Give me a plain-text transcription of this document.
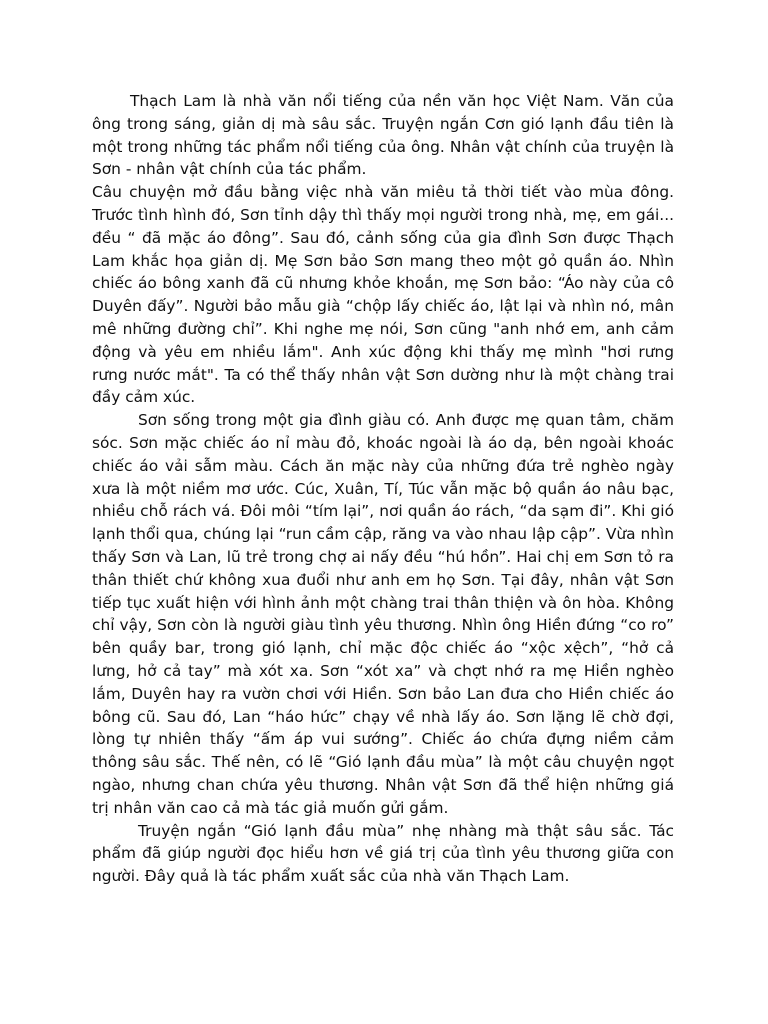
Thạch Lam là nhà văn nổi tiếng của nền văn học Việt Nam. Văn của ông trong sáng, giản dị mà sâu sắc. Truyện ngắn Cơn gió lạnh đầu tiên là một trong những tác phẩm nổi tiếng của ông. Nhân vật chính của truyện là Sơn - nhân vật chính của tác phẩm.

Câu chuyện mở đầu bằng việc nhà văn miêu tả thời tiết vào mùa đông. Trước tình hình đó, Sơn tỉnh dậy thì thấy mọi người trong nhà, mẹ, em gái... đều “ đã mặc áo đông”. Sau đó, cảnh sống của gia đình Sơn được Thạch Lam khắc họa giản dị. Mẹ Sơn bảo Sơn mang theo một gỏ quần áo. Nhìn chiếc áo bông xanh đã cũ nhưng khỏe khoắn, mẹ Sơn bảo: “Áo này của cô Duyên đấy”. Người bảo mẫu già “chộp lấy chiếc áo, lật lại và nhìn nó, mân mê những đường chỉ”. Khi nghe mẹ nói, Sơn cũng "anh nhớ em, anh cảm động và yêu em nhiều lắm". Anh xúc động khi thấy mẹ mình "hơi rưng rưng nước mắt". Ta có thể thấy nhân vật Sơn dường như là một chàng trai đầy cảm xúc.

Sơn sống trong một gia đình giàu có. Anh được mẹ quan tâm, chăm sóc. Sơn mặc chiếc áo nỉ màu đỏ, khoác ngoài là áo dạ, bên ngoài khoác chiếc áo vải sẫm màu. Cách ăn mặc này của những đứa trẻ nghèo ngày xưa là một niềm mơ ước. Cúc, Xuân, Tí, Túc vẫn mặc bộ quần áo nâu bạc, nhiều chỗ rách vá. Đôi môi “tím lại”, nơi quần áo rách, “da sạm đi”. Khi gió lạnh thổi qua, chúng lại “run cầm cập, răng va vào nhau lập cập”. Vừa nhìn thấy Sơn và Lan, lũ trẻ trong chợ ai nấy đều “hú hồn”. Hai chị em Sơn tỏ ra thân thiết chứ không xua đuổi như anh em họ Sơn. Tại đây, nhân vật Sơn tiếp tục xuất hiện với hình ảnh một chàng trai thân thiện và ôn hòa. Không chỉ vậy, Sơn còn là người giàu tình yêu thương. Nhìn ông Hiền đứng “co ro” bên quầy bar, trong gió lạnh, chỉ mặc độc chiếc áo “xộc xệch”, “hở cả lưng, hở cả tay” mà xót xa. Sơn “xót xa” và chợt nhớ ra mẹ Hiền nghèo lắm, Duyên hay ra vườn chơi với Hiền. Sơn bảo Lan đưa cho Hiền chiếc áo bông cũ. Sau đó, Lan “háo hức” chạy về nhà lấy áo. Sơn lặng lẽ chờ đợi, lòng tự nhiên thấy “ấm áp vui sướng”. Chiếc áo chứa đựng niềm cảm thông sâu sắc. Thế nên, có lẽ “Gió lạnh đầu mùa” là một câu chuyện ngọt ngào, nhưng chan chứa yêu thương. Nhân vật Sơn đã thể hiện những giá trị nhân văn cao cả mà tác giả muốn gửi gắm.

Truyện ngắn “Gió lạnh đầu mùa” nhẹ nhàng mà thật sâu sắc. Tác phẩm đã giúp người đọc hiểu hơn về giá trị của tình yêu thương giữa con người. Đây quả là tác phẩm xuất sắc của nhà văn Thạch Lam.
